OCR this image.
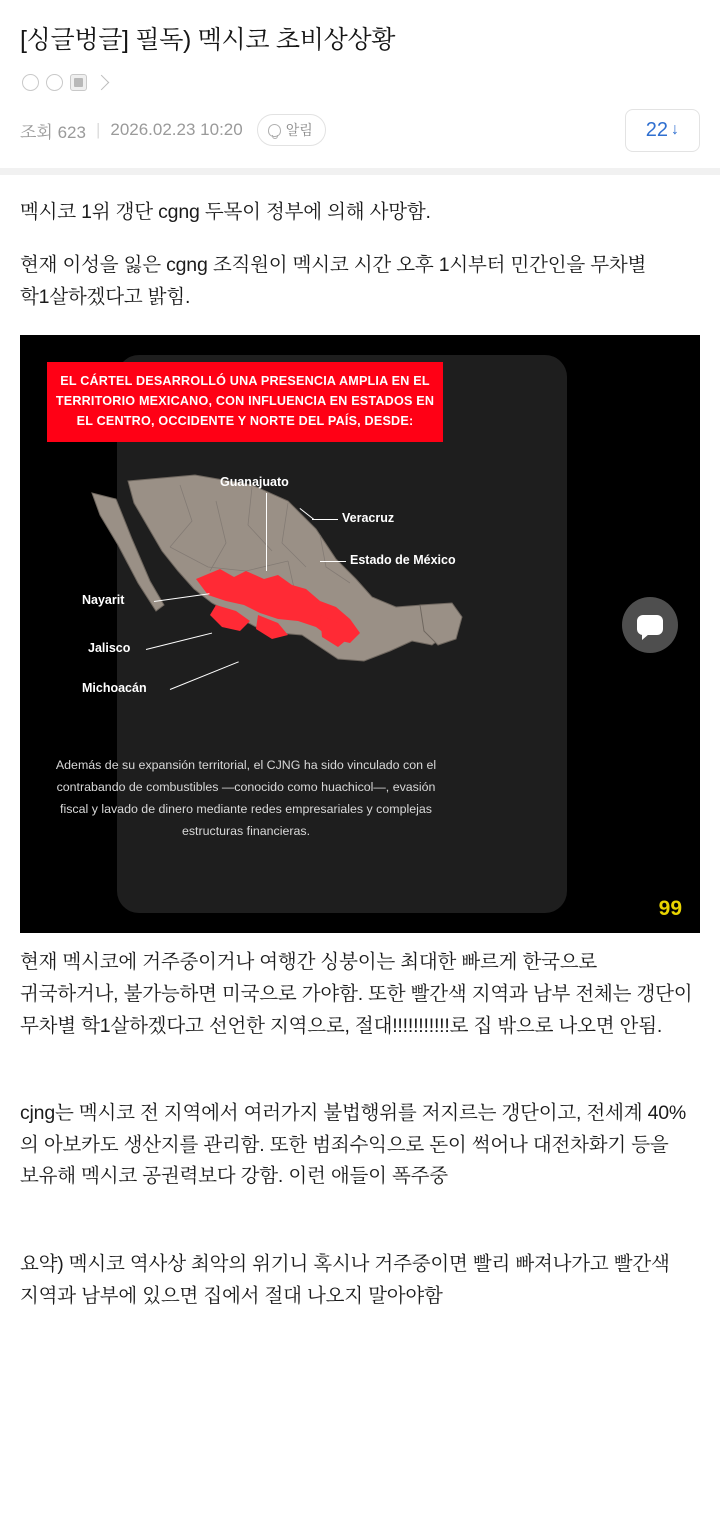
[싱글벙글] 필독) 멕시코 초비상상황
조회 623 | 2026.02.23 10:20	알림	22 ↓

멕시코 1위 갱단 cgng 두목이 정부에 의해 사망함.

현재 이성을 잃은 cgng 조직원이 멕시코 시간 오후 1시부터 민간인을 무차별 학1살하겠다고 밝힘.

EL CÁRTEL DESARROLLÓ UNA PRESENCIA AMPLIA EN EL TERRITORIO MEXICANO, CON INFLUENCIA EN ESTADOS EN EL CENTRO, OCCIDENTE Y NORTE DEL PAÍS, DESDE:
Guanajuato
Veracruz
Estado de México
Nayarit
Jalisco
Michoacán
Además de su expansión territorial, el CJNG ha sido vinculado con el contrabando de combustibles —conocido como huachicol—, evasión fiscal y lavado de dinero mediante redes empresariales y complejas estructuras financieras.
99

현재 멕시코에 거주중이거나 여행간 싱붕이는 최대한 빠르게 한국으로 귀국하거나, 불가능하면 미국으로 가야함. 또한 빨간색 지역과 남부 전체는 갱단이 무차별 학1살하겠다고 선언한 지역으로, 절대!!!!!!!!!!!로 집 밖으로 나오면 안됨.

cjng는 멕시코 전 지역에서 여러가지 불법행위를 저지르는 갱단이고, 전세계 40%의 아보카도 생산지를 관리함. 또한 범죄수익으로 돈이 썩어나 대전차화기 등을 보유해 멕시코 공권력보다 강함. 이런 애들이 폭주중

요약) 멕시코 역사상 최악의 위기니 혹시나 거주중이면 빨리 빠져나가고 빨간색 지역과 남부에 있으면 집에서 절대 나오지 말아야함
